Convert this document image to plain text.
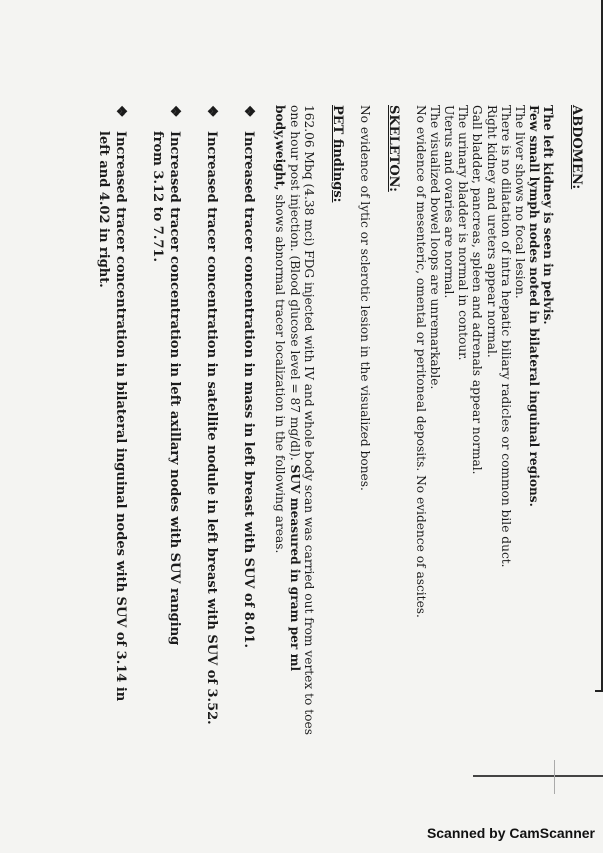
ABDOMEN:

The left kidney is seen in pelvis.

Few small lymph nodes noted in bilateral inguinal regions.

The liver shows no focal lesion.

There is no dilatation of intra hepatic biliary radicles or common bile duct.

Right kidney and ureters appear normal.

Gall bladder, pancreas, spleen and adrenals appear normal.

The urinary bladder is normal in contour.

Uterus and ovaries are normal.

The visualized bowel loops are unremarkable.

No evidence of mesenteric, omental or peritoneal deposits. No evidence of ascites.

SKELETON:

No evidence of lytic or sclerotic lesion in the visualized bones.

PET findings:

162.06 Mbq (4.38 mci) FDG injected with IV and whole body scan was carried out from vertex to toes one hour post injection. (Blood glucose level = 87 mg/dl). SUV measured in gram per ml body,weight, shows abnormal tracer localization in the following areas.

❖
Increased tracer concentration in mass in left breast with SUV of 8.01.
❖
Increased tracer concentration in satellite nodule in left breast with SUV of 3.52.
❖
Increased tracer concentration in left axillary nodes with SUV ranging from 3.12 to 7.71.
❖
Increased tracer concentration in bilateral inguinal nodes with SUV of 3.14 in left and 4.02 in right.
Scanned by CamScanner
